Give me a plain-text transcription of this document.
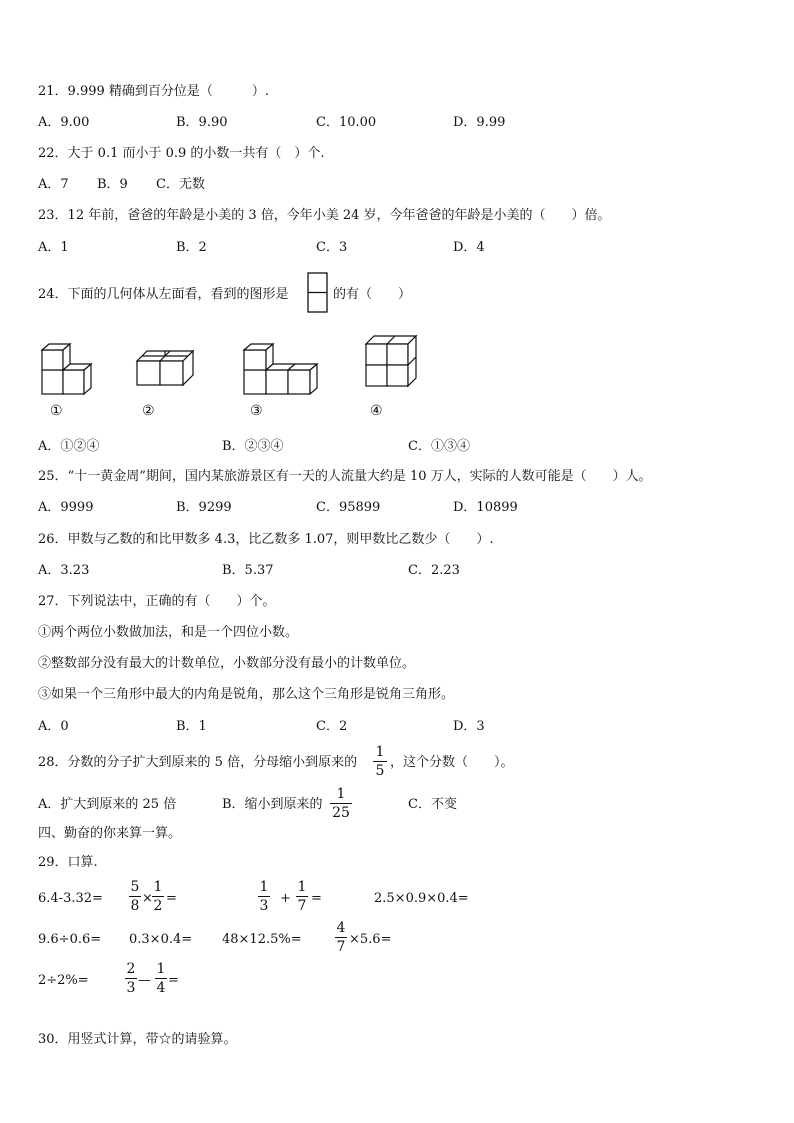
21．9.999 精确到百分位是（　　　）.
A．9.00	B．9.90	C．10.00	D．9.99
22．大于 0.1 而小于 0.9 的小数一共有（　）个.
A．7 B．9 C．无数
23．12 年前，爸爸的年龄是小美的 3 倍，今年小美 24 岁，今年爸爸的年龄是小美的（　　）倍。
A．1	B．2	C．3	D．4
24．下面的几何体从左面看，看到的图形是	的有（　　）
①	②	③	④
A．①②④	B．②③④	C．①③④
25．“十一黄金周”期间，国内某旅游景区有一天的人流量大约是 10 万人，实际的人数可能是（　　）人。
A．9999	B．9299	C．95899	D．10899
26．甲数与乙数的和比甲数多 4.3，比乙数多 1.07，则甲数比乙数少（　　）.
A．3.23	B．5.37	C．2.23
27．下列说法中，正确的有（　　）个。
①两个两位小数做加法，和是一个四位小数。
②整数部分没有最大的计数单位，小数部分没有最小的计数单位。
③如果一个三角形中最大的内角是锐角，那么这个三角形是锐角三角形。
A．0	B．1	C．2	D．3
28．分数的分子扩大到原来的 5 倍，分母缩小到原来的
1
5
，这个分数（　　）。
A．扩大到原来的 25 倍	B．缩小到原来的
1
25
C．不变
四、勤奋的你来算一算。
29．口算.
6.4-3.32=
5
8 ×
1
2 =
1
3 +
1
7 =	2.5×0.9×0.4=
9.6÷0.6= 0.3×0.4= 48×12.5%=
4
7 ×5.6=
2÷2%=
2
3 —
1
4 =
30．用竖式计算，带☆的请验算。
